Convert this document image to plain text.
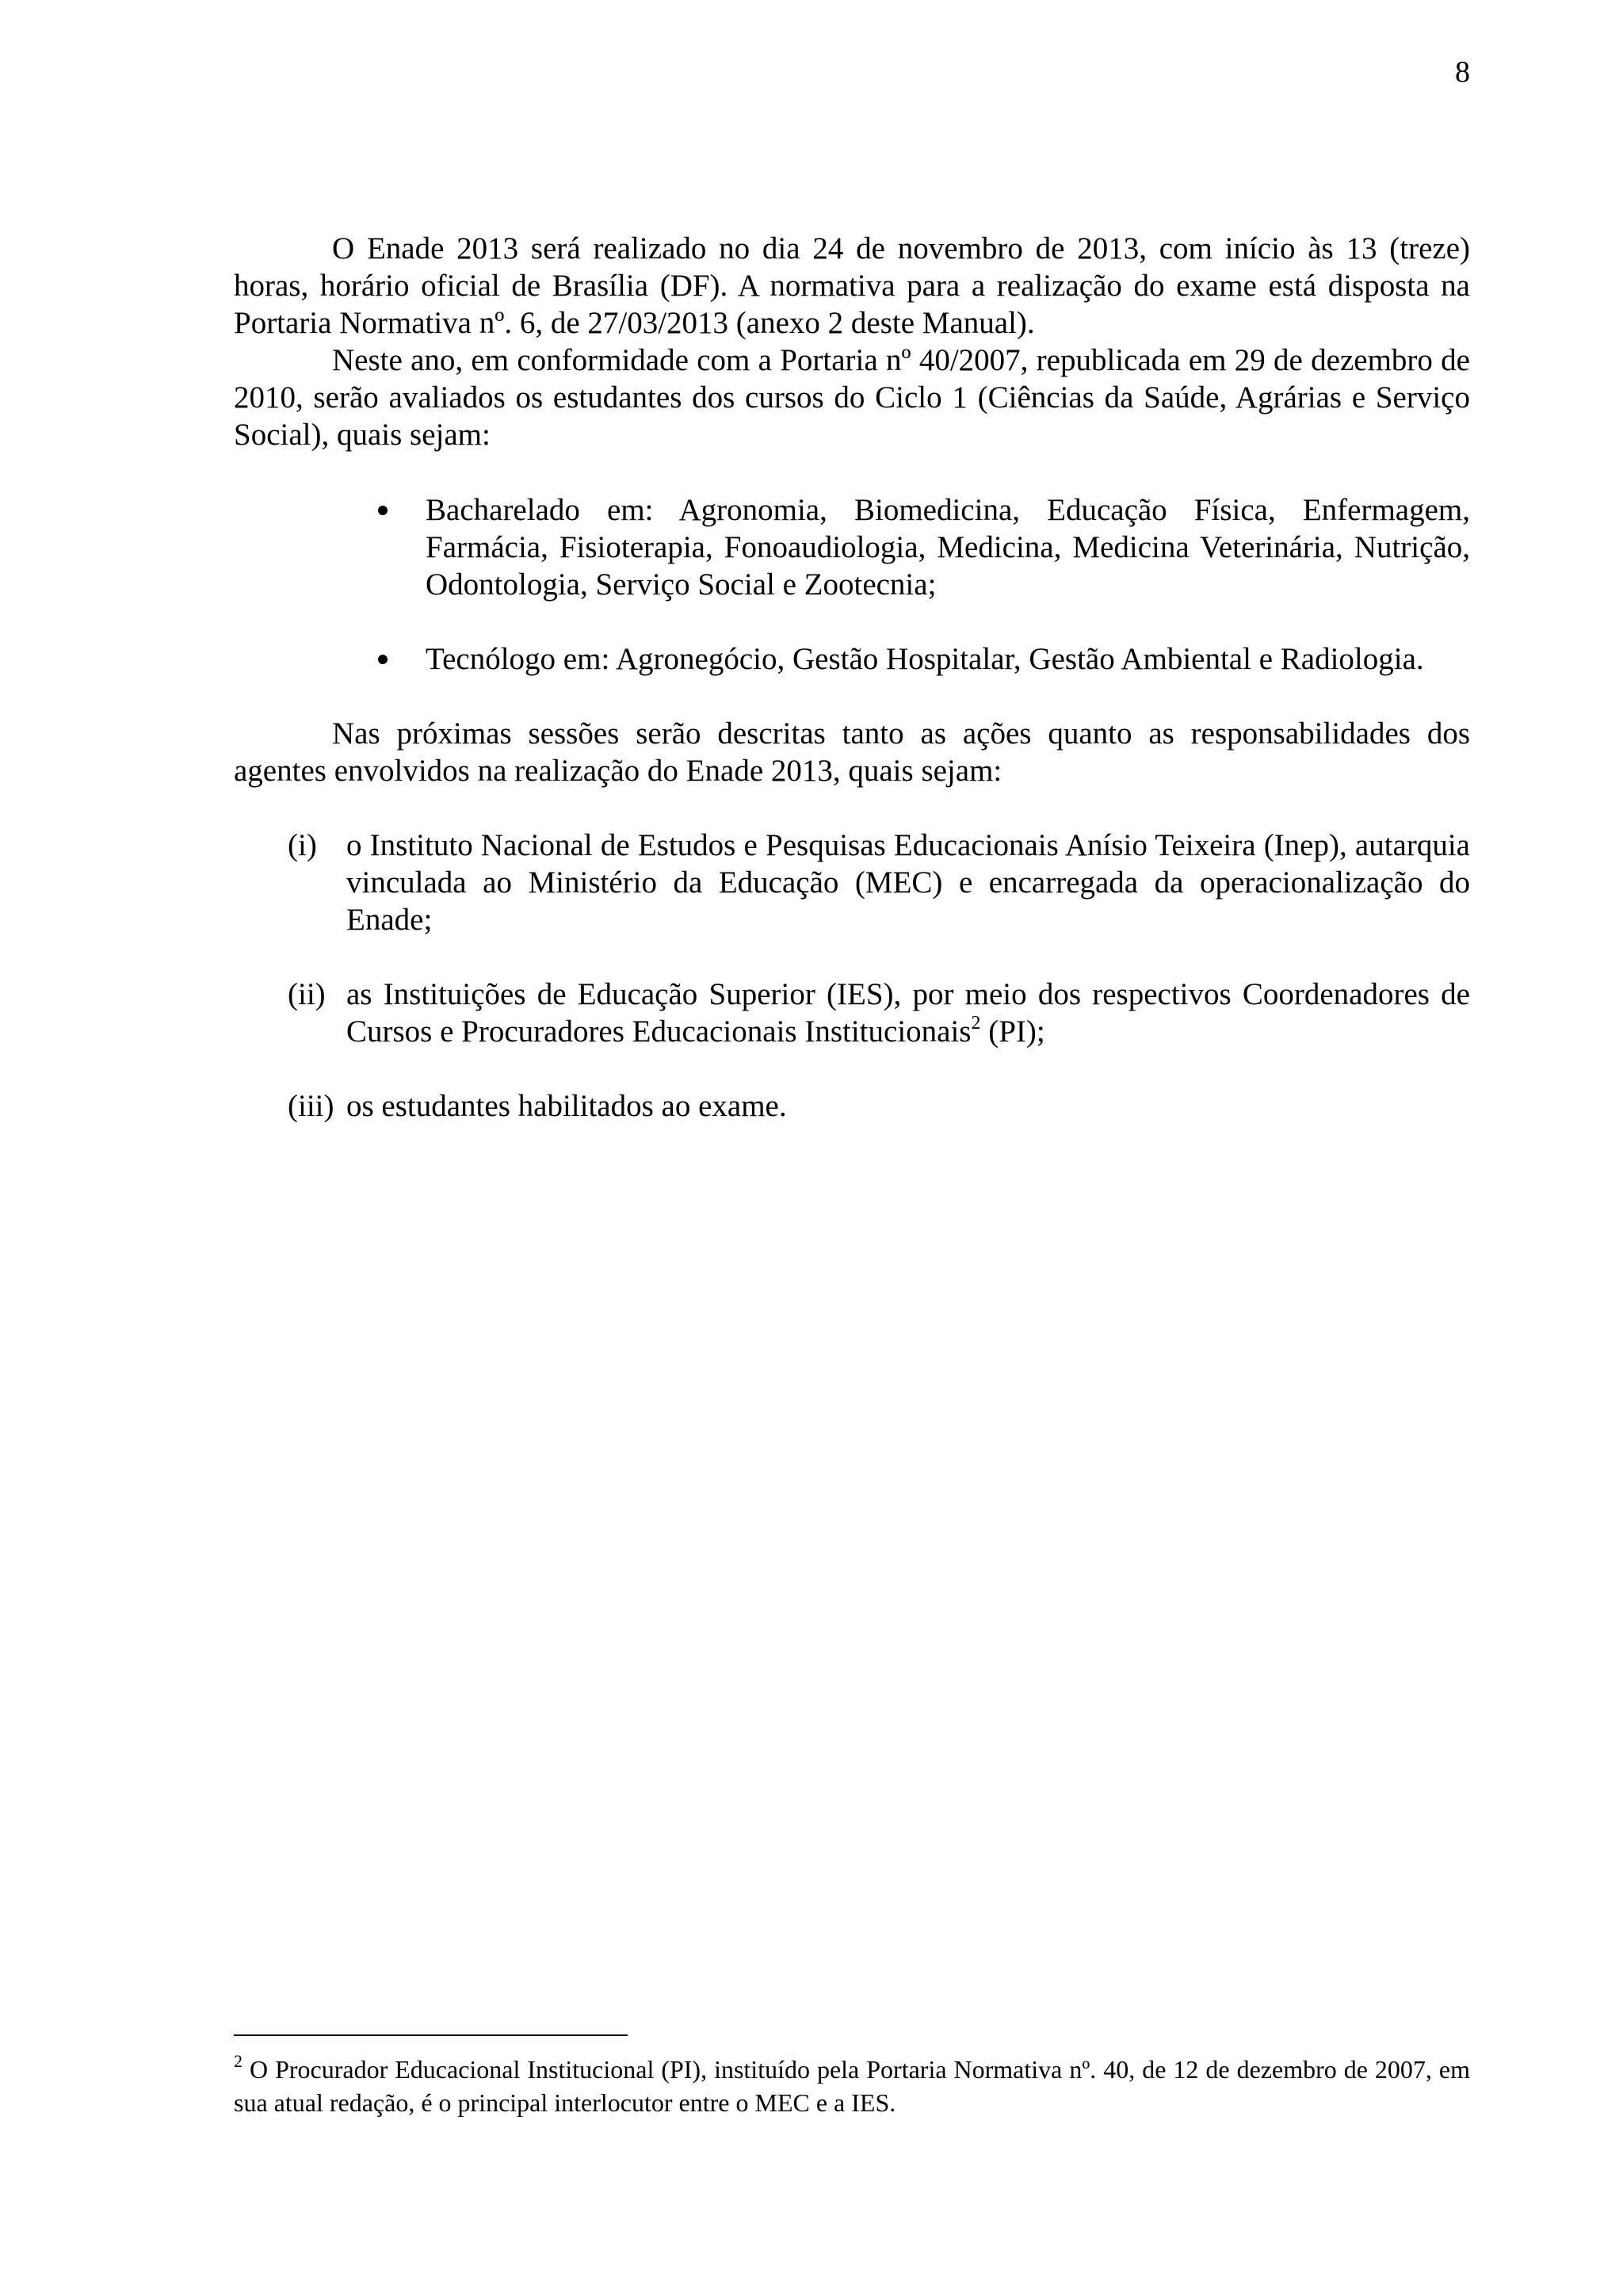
8

O Enade 2013 será realizado no dia 24 de novembro de 2013, com início às 13 (treze) horas, horário oficial de Brasília (DF). A normativa para a realização do exame está disposta na Portaria Normativa nº. 6, de 27/03/2013 (anexo 2 deste Manual).

Neste ano, em conformidade com a Portaria nº 40/2007, republicada em 29 de dezembro de 2010, serão avaliados os estudantes dos cursos do Ciclo 1 (Ciências da Saúde, Agrárias e Serviço Social), quais sejam:

Bacharelado em: Agronomia, Biomedicina, Educação Física, Enfermagem, Farmácia, Fisioterapia, Fonoaudiologia, Medicina, Medicina Veterinária, Nutrição, Odontologia, Serviço Social e Zootecnia;
Tecnólogo em: Agronegócio, Gestão Hospitalar, Gestão Ambiental e Radiologia.

Nas próximas sessões serão descritas tanto as ações quanto as responsabilidades dos agentes envolvidos na realização do Enade 2013, quais sejam:

(i) o Instituto Nacional de Estudos e Pesquisas Educacionais Anísio Teixeira (Inep), autarquia vinculada ao Ministério da Educação (MEC) e encarregada da operacionalização do Enade;
(ii) as Instituições de Educação Superior (IES), por meio dos respectivos Coordenadores de Cursos e Procuradores Educacionais Institucionais$^2$ (PI);
(iii) os estudantes habilitados ao exame.
$^2$ O Procurador Educacional Institucional (PI), instituído pela Portaria Normativa nº. 40, de 12 de dezembro de 2007, em sua atual redação, é o principal interlocutor entre o MEC e a IES.
